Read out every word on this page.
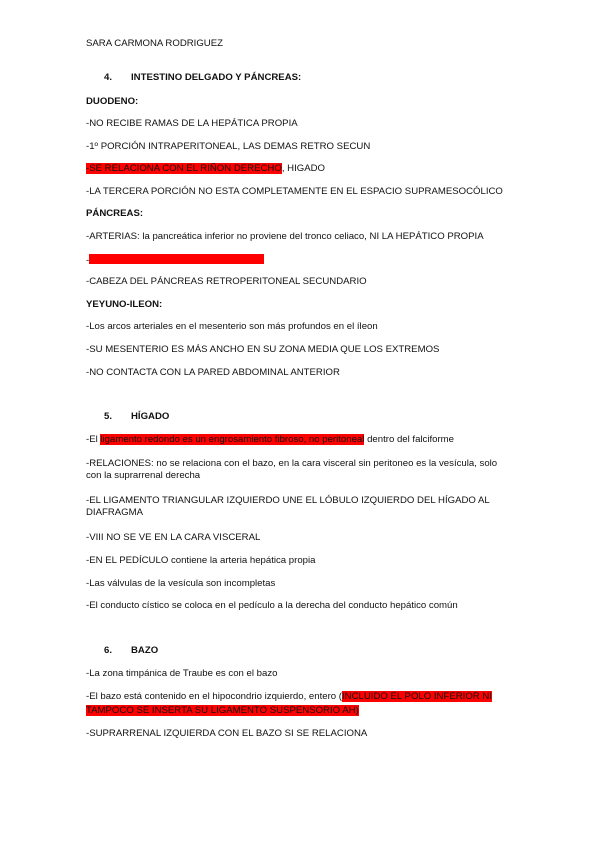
SARA CARMONA RODRIGUEZ
4. INTESTINO DELGADO Y PÁNCREAS:
DUODENO:
-NO RECIBE RAMAS DE LA HEPÁTICA PROPIA
-1º PORCIÓN INTRAPERITONEAL, LAS DEMAS RETRO SECUN
-SE RELACIONA CON EL RIÑON DERECHO, HIGADO
-LA TERCERA PORCIÓN NO ESTA COMPLETAMENTE EN EL ESPACIO SUPRAMESOCÓLICO
PÁNCREAS:
-ARTERIAS: la pancreática inferior no proviene del tronco celiaco, NI LA HEPÁTICO PROPIA
-
-CABEZA DEL PÁNCREAS RETROPERITONEAL SECUNDARIO
YEYUNO-ILEON:
-Los arcos arteriales en el mesenterio son más profundos en el íleon
-SU MESENTERIO ES MÁS ANCHO EN SU ZONA MEDIA QUE LOS EXTREMOS
-NO CONTACTA CON LA PARED ABDOMINAL ANTERIOR
5. HÍGADO
-El ligamento redondo es un engrosamiento fibroso, no peritoneal dentro del falciforme
-RELACIONES: no se relaciona con el bazo, en la cara visceral sin peritoneo es la vesícula, solo con la suprarrenal derecha
-EL LIGAMENTO TRIANGULAR IZQUIERDO UNE EL LÓBULO IZQUIERDO DEL HÍGADO AL DIAFRAGMA
-VIII NO SE VE EN LA CARA VISCERAL
-EN EL PEDÍCULO contiene la arteria hepática propia
-Las válvulas de la vesícula son incompletas
-El conducto cístico se coloca en el pedículo a la derecha del conducto hepático común
6. BAZO
-La zona timpánica de Traube es con el bazo
-El bazo está contenido en el hipocondrio izquierdo, entero (INCLUIDO EL POLO INFERIOR NI
TAMPOCO SE INSERTA SU LIGAMENTO SUSPENSORIO AH)
-SUPRARRENAL IZQUIERDA CON EL BAZO SI SE RELACIONA
